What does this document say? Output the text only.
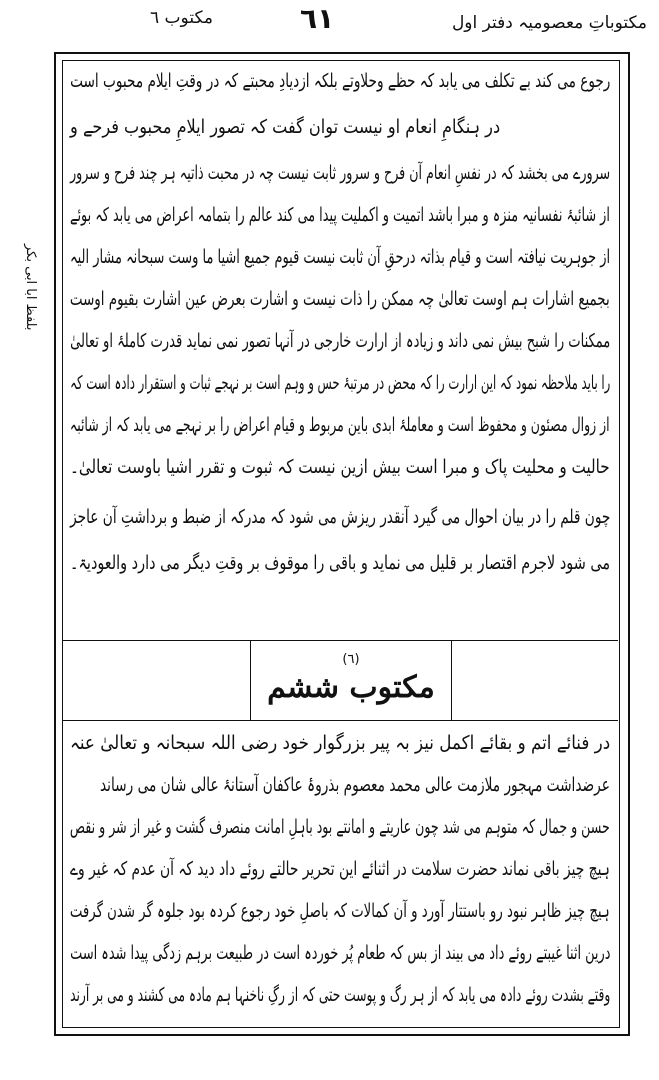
مکتوباتِ معصومیہ دفتر اول
٦١
مکتوب ٦
بلفظ ابا ابی بکر
رجوع می کند بے تکلف می یابد کہ حظے وحلاوتے بلکہ ازدیادِ محبتے کہ در وقتِ ایلام محبوب است
در ہنگامِ انعام او نیست توان گفت کہ تصور ایلامِ محبوب فرحے و
سرورے می بخشد کہ در نفسِ انعام آن فرح و سرور ثابت نیست چہ در محبت ذاتیہ ہر چند فرح و سرور
از شائبۂ نفسانیہ منزہ و مبرا باشد اتمیت و اکملیت پیدا می کند عالم را بتمامہ اعراض می یابد کہ بوئے
از جوہریت نیافتہ است و قیام بذاتہ درحقِ آن ثابت نیست قیوم جمیع اشیا ما وست سبحانہ مشار الیہ
بجمیع اشارات ہم اوست تعالیٰ چہ ممکن را ذات نیست و اشارت بعرض عین اشارت بقیوم اوست
ممکنات را شبح بیش نمی داند و زیادہ از ارارت خارجی در آنہا تصور نمی نماید قدرت کاملۂ او تعالیٰ
را باید ملاحظہ نمود کہ این ارارت را کہ محض در مرتبۂ حس و وہم است بر نہجے ثبات و استقرار دادہ است کہ
از زوال مصئون و محفوظ است و معاملۂ ابدی باین مربوط و قیام اعراض را بر نہجے می یابد کہ از شائبہ
حالیت و محلیت پاک و مبرا است بیش ازین نیست کہ ثبوت و تقرر اشیا باوست تعالیٰ۔
چون قلم را در بیان احوال می گیرد آنقدر ریزش می شود کہ مدرکہ از ضبط و برداشتِ آن عاجز
می شود لاجرم اقتصار بر قلیل می نماید و باقی را موقوف بر وقتِ دیگر می دارد والعودیۃ۔
(٦)
مکتوب ششم
در فنائے اتم و بقائے اکمل نیز بہ پیر بزرگوار خود رضی اللہ سبحانہ و تعالیٰ عنہ
عرضداشت مہجور ملازمت عالی محمد معصوم بذروۂ عاکفان آستانۂ عالی شان می رساند
حسن و جمال کہ متوہم می شد چون عاریتے و امانتے بود باہلِ امانت منصرف گشت و غیر از شر و نقص
ہیچ چیز باقی نماند حضرت سلامت در اثنائے این تحریر حالتے روئے داد دید کہ آن عدم کہ غیر وے
ہیچ چیز ظاہر نبود رو باستتار آورد و آن کمالات کہ باصلِ خود رجوع کردہ بود جلوہ گر شدن گرفت
درین اثنا غیبتے روئے داد می بیند از بس کہ طعام پُر خوردہ است در طبیعت برہم زدگی پیدا شدہ است
وقتے بشدت روئے دادہ می یابد کہ از ہر رگ و پوست حتی کہ از رگِ ناخنہا ہم مادہ می کشند و می بر آرند
